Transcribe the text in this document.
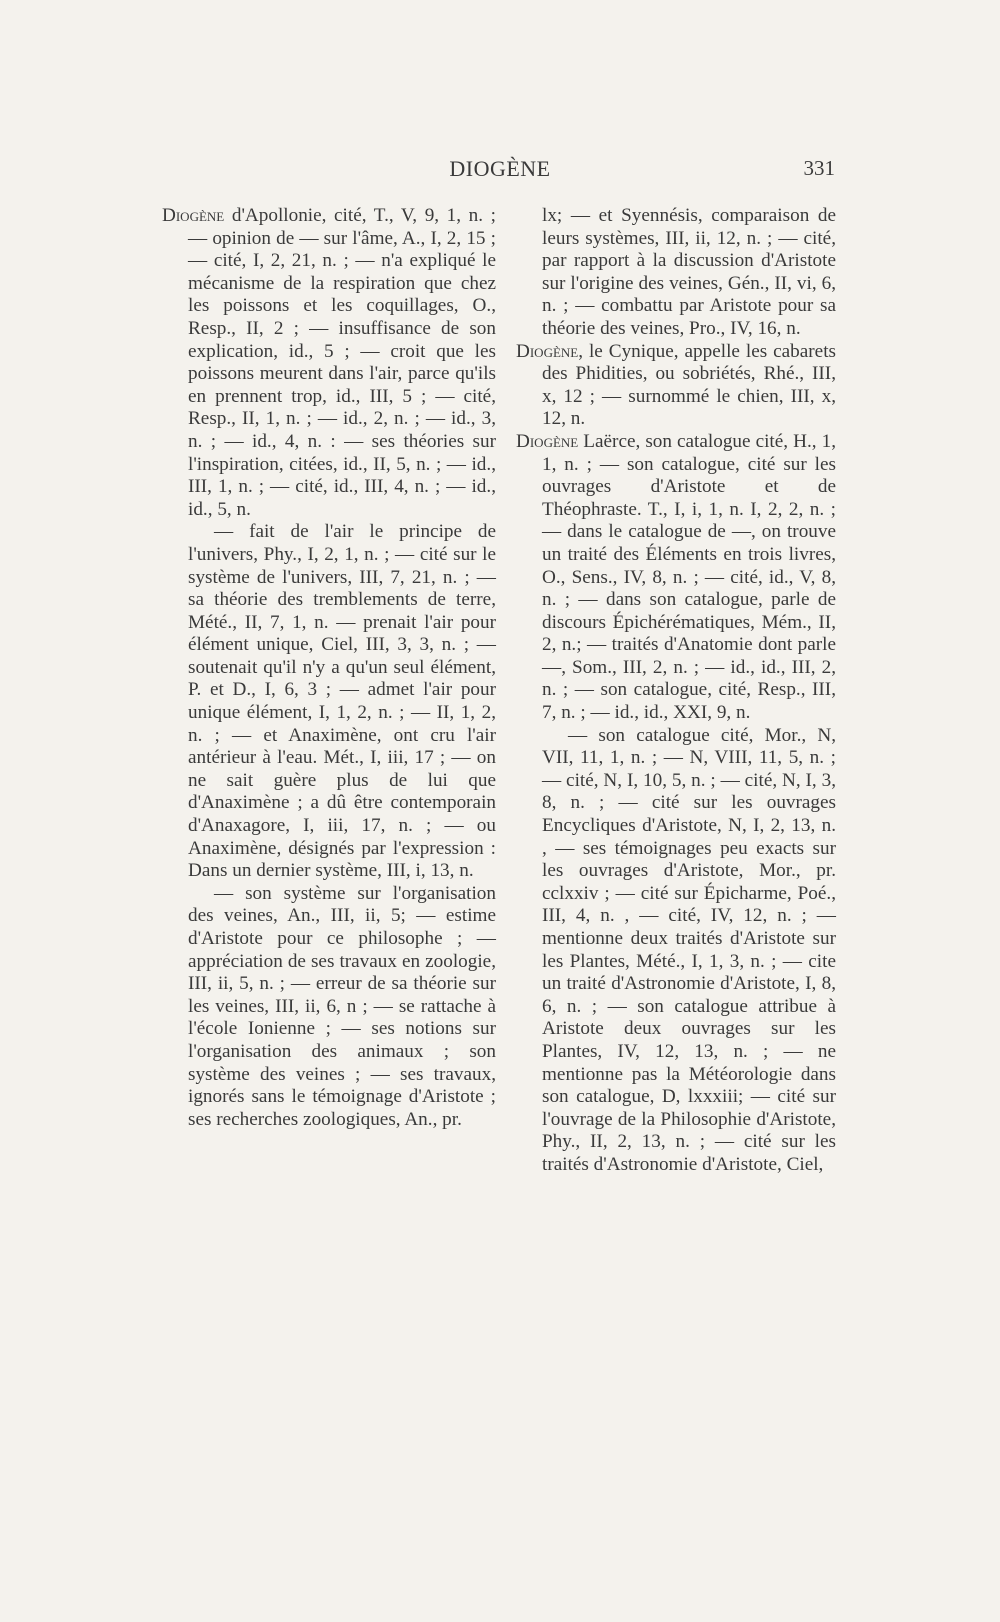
DIOGÈNE	331

Diogène d'Apollonie, cité, T., V, 9, 1, n. ; — opinion de — sur l'âme, A., I, 2, 15 ; — cité, I, 2, 21, n. ; — n'a expliqué le mécanisme de la respiration que chez les poissons et les coquillages, O., Resp., II, 2 ; — insuffisance de son explication, id., 5 ; — croit que les poissons meurent dans l'air, parce qu'ils en prennent trop, id., III, 5 ; — cité, Resp., II, 1, n. ; — id., 2, n. ; — id., 3, n. ; — id., 4, n. : — ses théories sur l'inspiration, citées, id., II, 5, n. ; — id., III, 1, n. ; — cité, id., III, 4, n. ; — id., id., 5, n.

— fait de l'air le principe de l'univers, Phy., I, 2, 1, n. ; — cité sur le système de l'univers, III, 7, 21, n. ; — sa théorie des tremblements de terre, Mété., II, 7, 1, n. — prenait l'air pour élément unique, Ciel, III, 3, 3, n. ; — soutenait qu'il n'y a qu'un seul élément, P. et D., I, 6, 3 ; — admet l'air pour unique élément, I, 1, 2, n. ; — II, 1, 2, n. ; — et Anaximène, ont cru l'air antérieur à l'eau. Mét., I, iii, 17 ; — on ne sait guère plus de lui que d'Anaximène ; a dû être contemporain d'Anaxagore, I, iii, 17, n. ; — ou Anaximène, désignés par l'expression : Dans un dernier système, III, i, 13, n.

— son système sur l'organisation des veines, An., III, ii, 5; — estime d'Aristote pour ce philosophe ; — appréciation de ses travaux en zoologie, III, ii, 5, n. ; — erreur de sa théorie sur les veines, III, ii, 6, n ; — se rattache à l'école Ionienne ; — ses notions sur l'organisation des animaux ; son système des veines ; — ses travaux, ignorés sans le témoignage d'Aristote ; ses recherches zoologiques, An., pr.

lx; — et Syennésis, comparaison de leurs systèmes, III, ii, 12, n. ; — cité, par rapport à la discussion d'Aristote sur l'origine des veines, Gén., II, vi, 6, n. ; — combattu par Aristote pour sa théorie des veines, Pro., IV, 16, n.

Diogène, le Cynique, appelle les cabarets des Phidities, ou sobriétés, Rhé., III, x, 12 ; — surnommé le chien, III, x, 12, n.

Diogène Laërce, son catalogue cité, H., 1, 1, n. ; — son catalogue, cité sur les ouvrages d'Aristote et de Théophraste. T., I, i, 1, n. I, 2, 2, n. ; — dans le catalogue de —, on trouve un traité des Éléments en trois livres, O., Sens., IV, 8, n. ; — cité, id., V, 8, n. ; — dans son catalogue, parle de discours Épichérématiques, Mém., II, 2, n.; — traités d'Anatomie dont parle —, Som., III, 2, n. ; — id., id., III, 2, n. ; — son catalogue, cité, Resp., III, 7, n. ; — id., id., XXI, 9, n.

— son catalogue cité, Mor., N, VII, 11, 1, n. ; — N, VIII, 11, 5, n. ; — cité, N, I, 10, 5, n. ; — cité, N, I, 3, 8, n. ; — cité sur les ouvrages Encycliques d'Aristote, N, I, 2, 13, n. , — ses témoignages peu exacts sur les ouvrages d'Aristote, Mor., pr. cclxxiv ; — cité sur Épicharme, Poé., III, 4, n. , — cité, IV, 12, n. ; — mentionne deux traités d'Aristote sur les Plantes, Mété., I, 1, 3, n. ; — cite un traité d'Astronomie d'Aristote, I, 8, 6, n. ; — son catalogue attribue à Aristote deux ouvrages sur les Plantes, IV, 12, 13, n. ; — ne mentionne pas la Météorologie dans son catalogue, D, lxxxiii; — cité sur l'ouvrage de la Philosophie d'Aristote, Phy., II, 2, 13, n. ; — cité sur les traités d'Astronomie d'Aristote, Ciel,
